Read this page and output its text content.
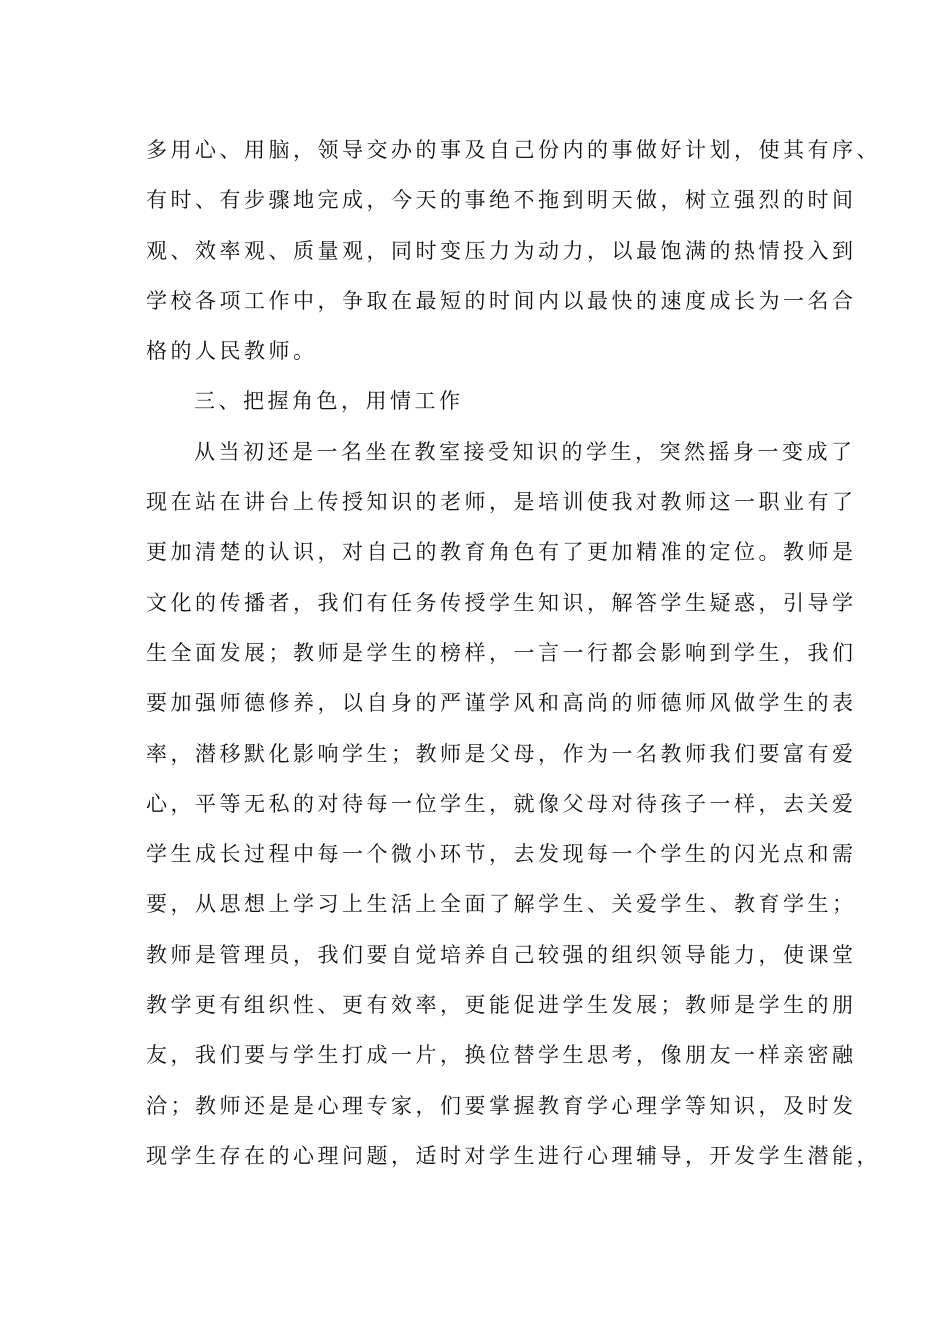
多用心、用脑，领导交办的事及自己份内的事做好计划，使其有序、
有时、有步骤地完成，今天的事绝不拖到明天做，树立强烈的时间
观、效率观、质量观，同时变压力为动力，以最饱满的热情投入到
学校各项工作中，争取在最短的时间内以最快的速度成长为一名合
格的人民教师。
三、把握角色，用情工作
从当初还是一名坐在教室接受知识的学生，突然摇身一变成了
现在站在讲台上传授知识的老师，是培训使我对教师这一职业有了
更加清楚的认识，对自己的教育角色有了更加精准的定位。教师是
文化的传播者，我们有任务传授学生知识，解答学生疑惑，引导学
生全面发展；教师是学生的榜样，一言一行都会影响到学生，我们
要加强师德修养，以自身的严谨学风和高尚的师德师风做学生的表
率，潜移默化影响学生；教师是父母，作为一名教师我们要富有爱
心，平等无私的对待每一位学生，就像父母对待孩子一样，去关爱
学生成长过程中每一个微小环节，去发现每一个学生的闪光点和需
要，从思想上学习上生活上全面了解学生、关爱学生、教育学生；
教师是管理员，我们要自觉培养自己较强的组织领导能力，使课堂
教学更有组织性、更有效率，更能促进学生发展；教师是学生的朋
友，我们要与学生打成一片，换位替学生思考，像朋友一样亲密融
洽；教师还是是心理专家，们要掌握教育学心理学等知识，及时发
现学生存在的心理问题，适时对学生进行心理辅导，开发学生潜能，
